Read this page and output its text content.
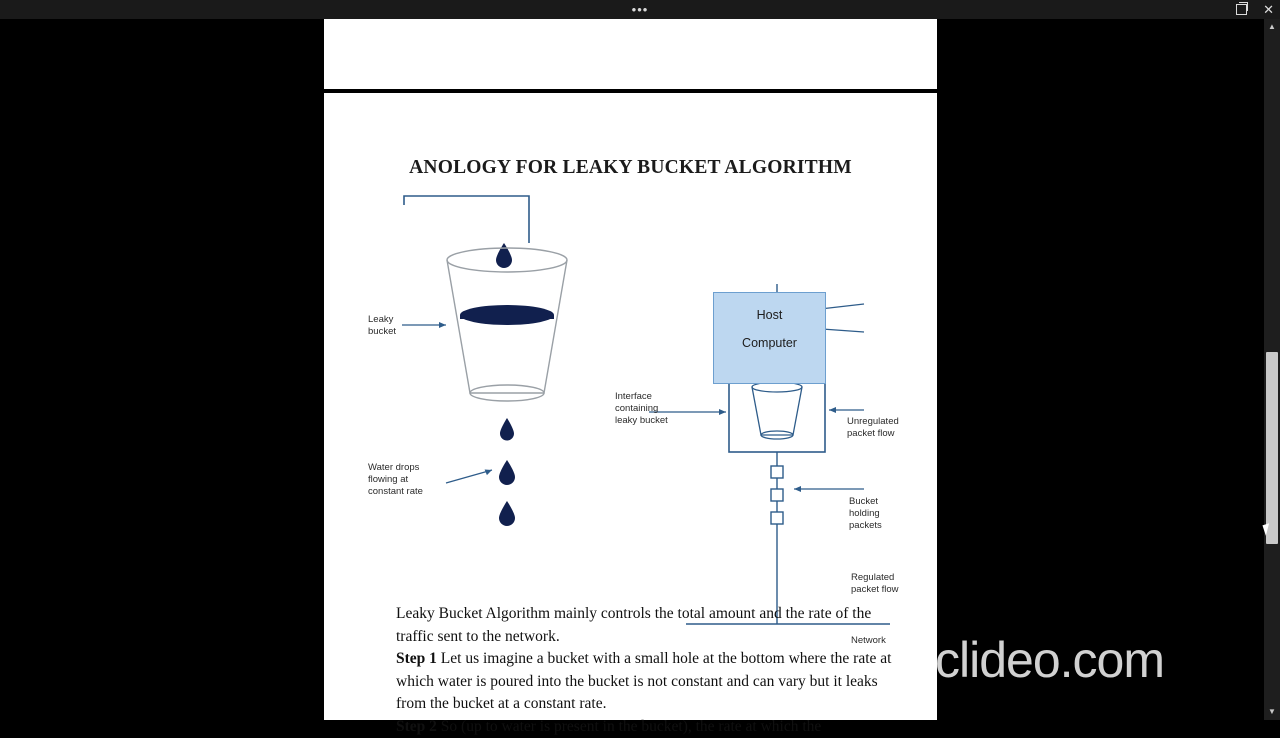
•••	✕
ANOLOGY FOR LEAKY BUCKET ALGORITHM
Host
Computer
Leaky
bucket
Water drops
flowing at
constant rate
Unregulated
packet flow
Interface
containing
leaky bucket
Bucket
holding
packets
Regulated
packet flow
Network

Leaky Bucket Algorithm mainly controls the total amount and the rate of the traffic sent to the network.

Step 1 Let us imagine a bucket with a small hole at the bottom where the rate at which water is poured into the bucket is not constant and can vary but it leaks from the bucket at a constant rate.

Step 2 So (up to water is present in the bucket), the rate at which the

clideo.com
▲
▼
